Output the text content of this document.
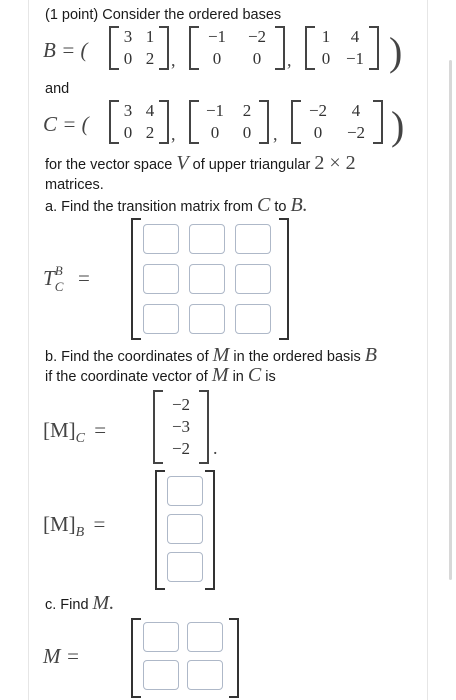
(1 point) Consider the ordered bases
B = (
3 1
0 2 ,
−1	−2
0	0	,
1	4
0 −1 )
and
C = (
3 4
0 2 ,
−1	2
0	0	,
−2	4
0	−2 )
for the vector space V of upper triangular 2 × 2
matrices.
a. Find the transition matrix from C to B.
T B
C =
b. Find the coordinates of M in the ordered basis B
if the coordinate vector of M in C is
$[M]_C$ =
−2
−3
−2	.
$[M]_B$ =
c. Find M.
M =
